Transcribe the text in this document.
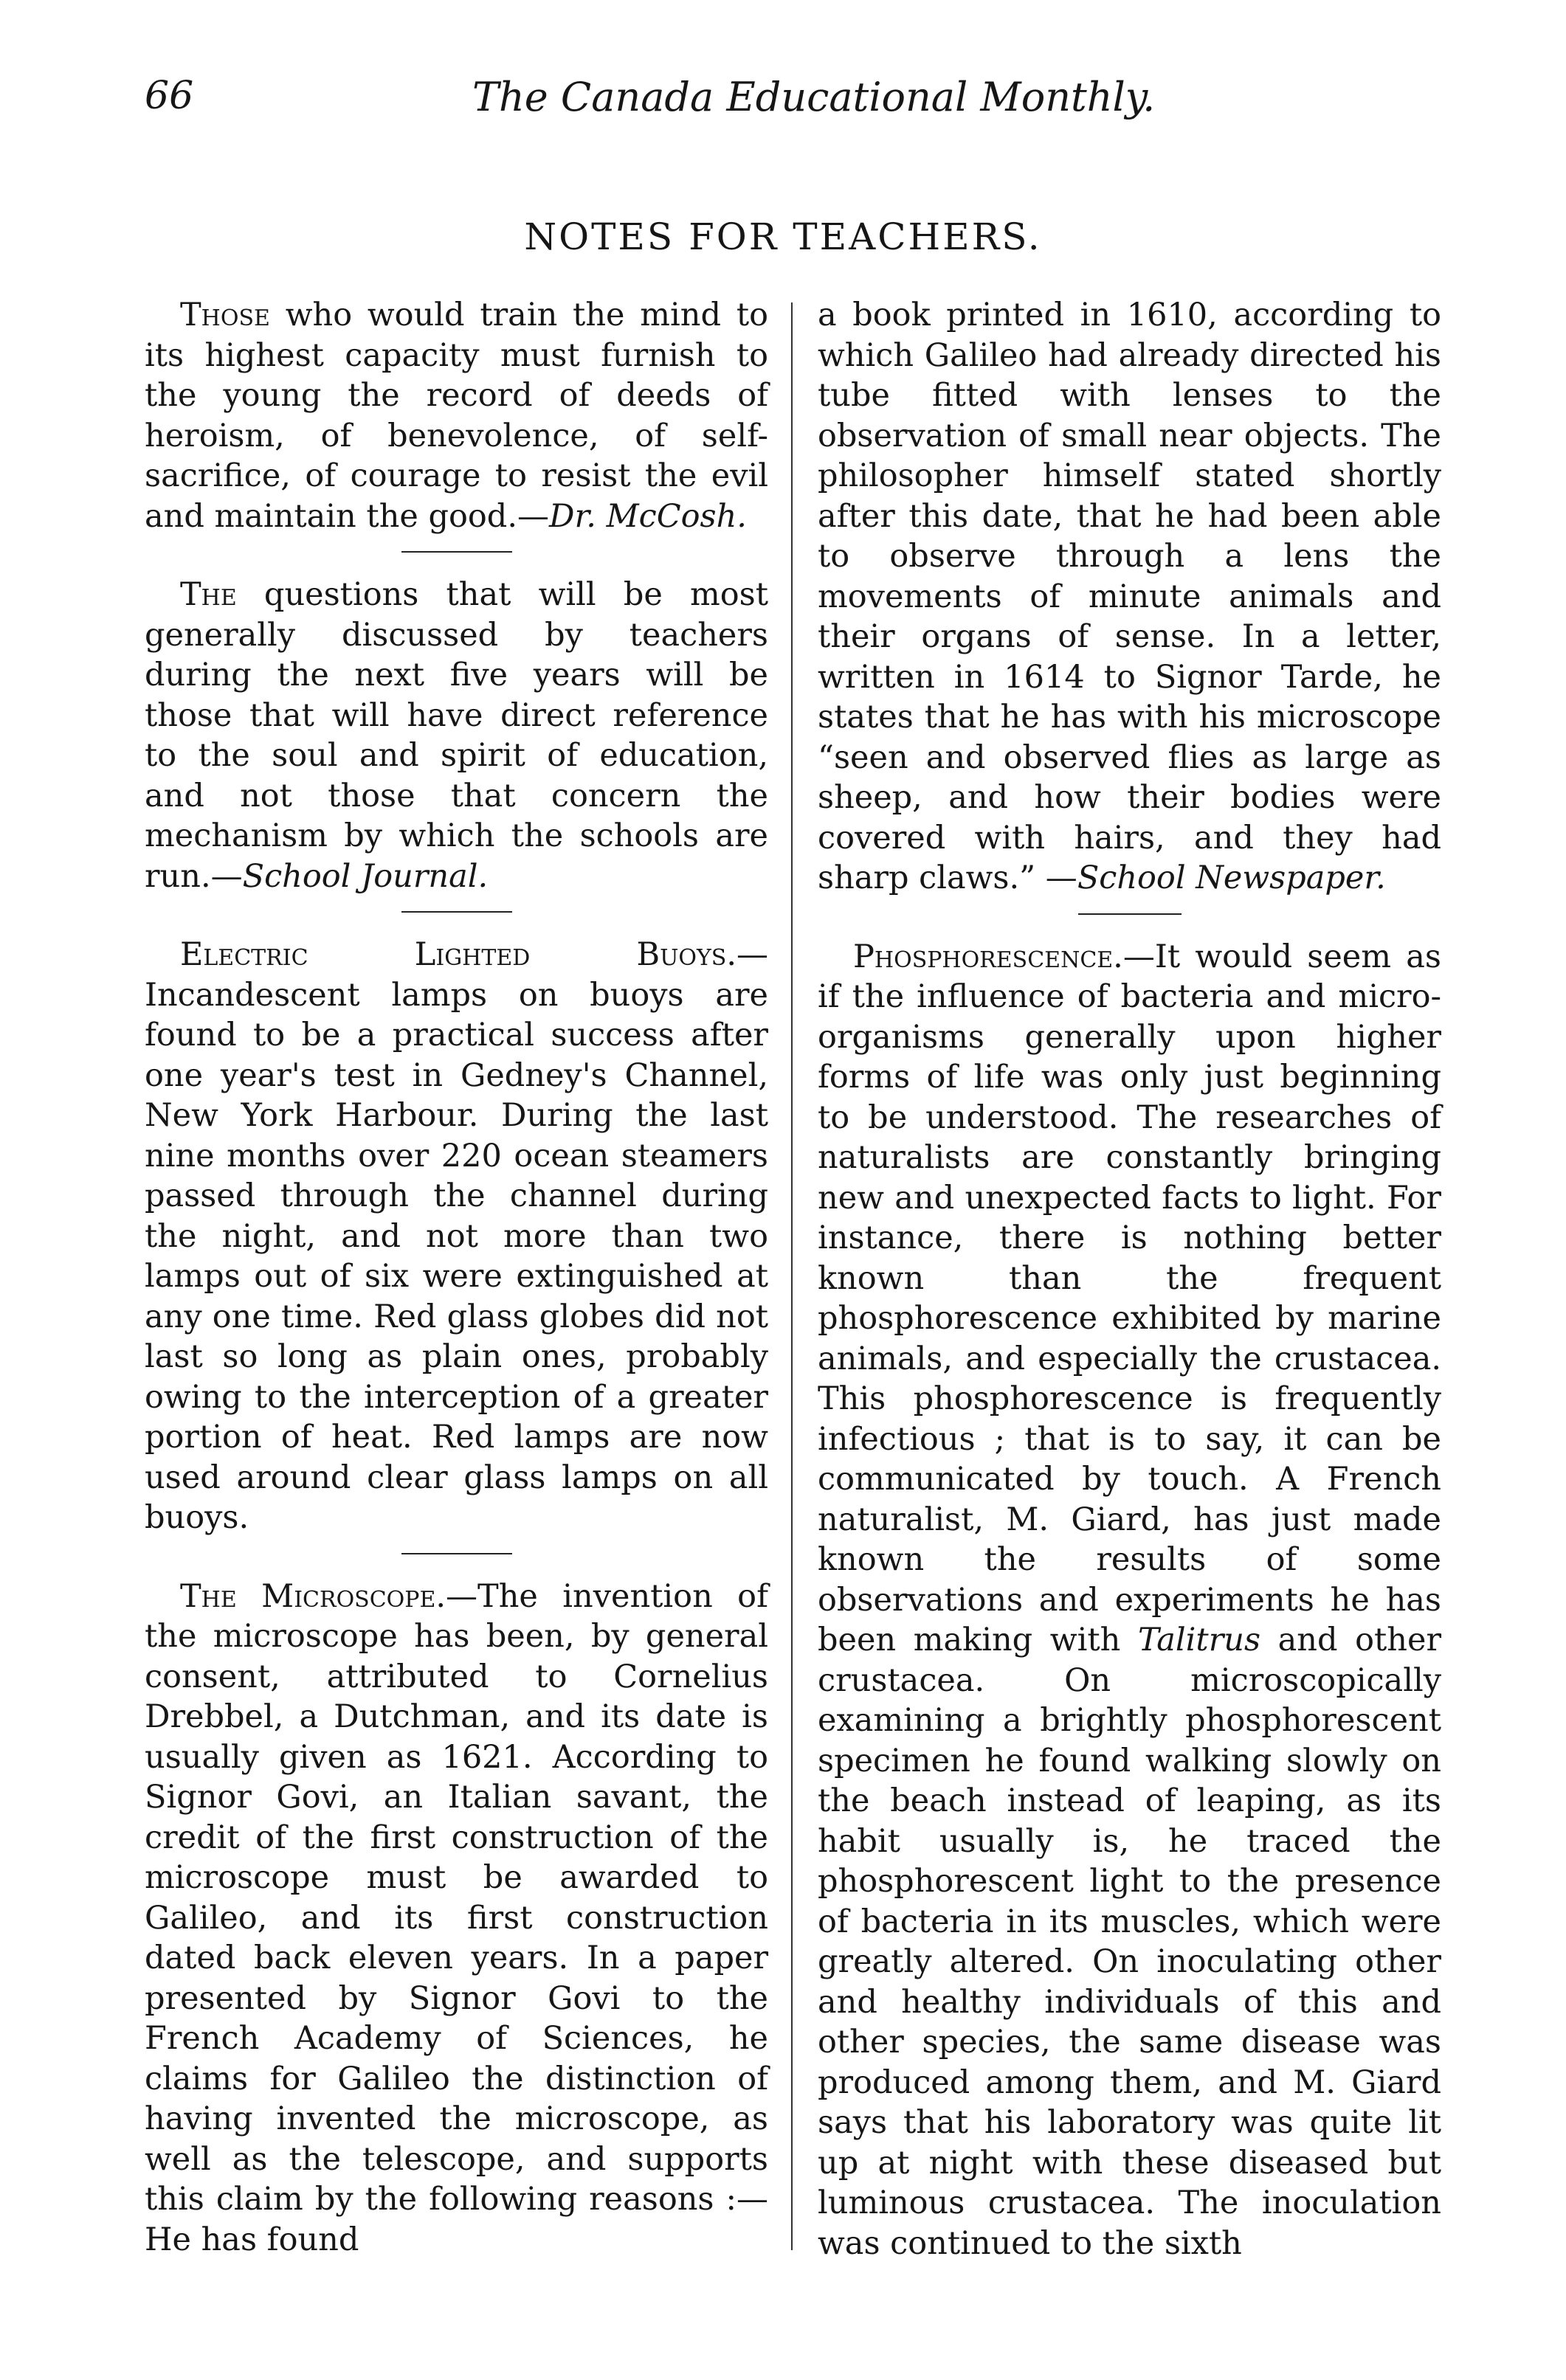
66	The Canada Educational Monthly.
NOTES FOR TEACHERS.

Those who would train the mind to its highest capacity must furnish to the young the record of deeds of heroism, of benevolence, of self-sacrifice, of courage to resist the evil and maintain the good.—Dr. McCosh.

The questions that will be most generally discussed by teachers during the next five years will be those that will have direct reference to the soul and spirit of education, and not those that concern the mechanism by which the schools are run.—School Journal.

Electric Lighted Buoys.— Incandescent lamps on buoys are found to be a practical success after one year's test in Gedney's Channel, New York Harbour. During the last nine months over 220 ocean steamers passed through the channel during the night, and not more than two lamps out of six were extinguished at any one time. Red glass globes did not last so long as plain ones, probably owing to the interception of a greater portion of heat. Red lamps are now used around clear glass lamps on all buoys.

The Microscope.—The invention of the microscope has been, by general consent, attributed to Cornelius Drebbel, a Dutchman, and its date is usually given as 1621. According to Signor Govi, an Italian savant, the credit of the first construction of the microscope must be awarded to Galileo, and its first construction dated back eleven years. In a paper presented by Signor Govi to the French Academy of Sciences, he claims for Galileo the distinction of having invented the microscope, as well as the telescope, and supports this claim by the following reasons :—He has found

a book printed in 1610, according to which Galileo had already directed his tube fitted with lenses to the observation of small near objects. The philosopher himself stated shortly after this date, that he had been able to observe through a lens the movements of minute animals and their organs of sense. In a letter, written in 1614 to Signor Tarde, he states that he has with his microscope “seen and observed flies as large as sheep, and how their bodies were covered with hairs, and they had sharp claws.” —School Newspaper.

Phosphorescence.—It would seem as if the influence of bacteria and micro-organisms generally upon higher forms of life was only just beginning to be understood. The researches of naturalists are constantly bringing new and unexpected facts to light. For instance, there is nothing better known than the frequent phosphorescence exhibited by marine animals, and especially the crustacea. This phosphorescence is frequently infectious ; that is to say, it can be communicated by touch. A French naturalist, M. Giard, has just made known the results of some observations and experiments he has been making with Talitrus and other crustacea. On microscopically examining a brightly phosphorescent specimen he found walking slowly on the beach instead of leaping, as its habit usually is, he traced the phosphorescent light to the presence of bacteria in its muscles, which were greatly altered. On inoculating other and healthy individuals of this and other species, the same disease was produced among them, and M. Giard says that his laboratory was quite lit up at night with these diseased but luminous crustacea. The inoculation was continued to the sixth
